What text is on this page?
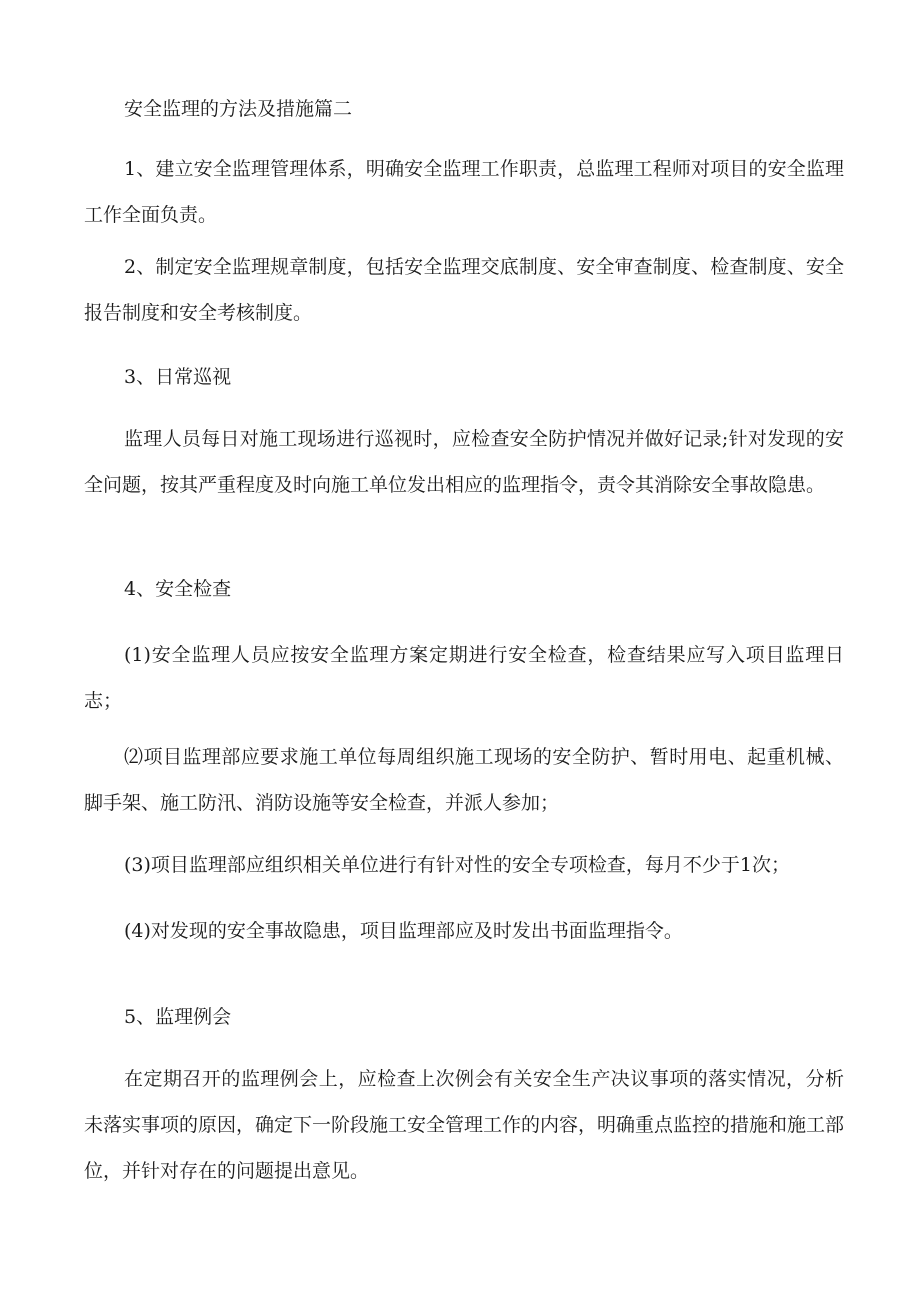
安全监理的方法及措施篇二

1、建立安全监理管理体系，明确安全监理工作职责，总监理工程师对项目的安全监理工作全面负责。

2、制定安全监理规章制度，包括安全监理交底制度、安全审查制度、检查制度、安全报告制度和安全考核制度。

3、日常巡视

监理人员每日对施工现场进行巡视时，应检查安全防护情况并做好记录;针对发现的安全问题，按其严重程度及时向施工单位发出相应的监理指令，责令其消除安全事故隐患。

4、安全检查

(1)安全监理人员应按安全监理方案定期进行安全检查，检查结果应写入项目监理日志；

⑵项目监理部应要求施工单位每周组织施工现场的安全防护、暂时用电、起重机械、脚手架、施工防汛、消防设施等安全检查，并派人参加；

(3)项目监理部应组织相关单位进行有针对性的安全专项检查，每月不少于1次；

(4)对发现的安全事故隐患，项目监理部应及时发出书面监理指令。

5、监理例会

在定期召开的监理例会上，应检查上次例会有关安全生产决议事项的落实情况，分析未落实事项的原因，确定下一阶段施工安全管理工作的内容，明确重点监控的措施和施工部位，并针对存在的问题提出意见。
